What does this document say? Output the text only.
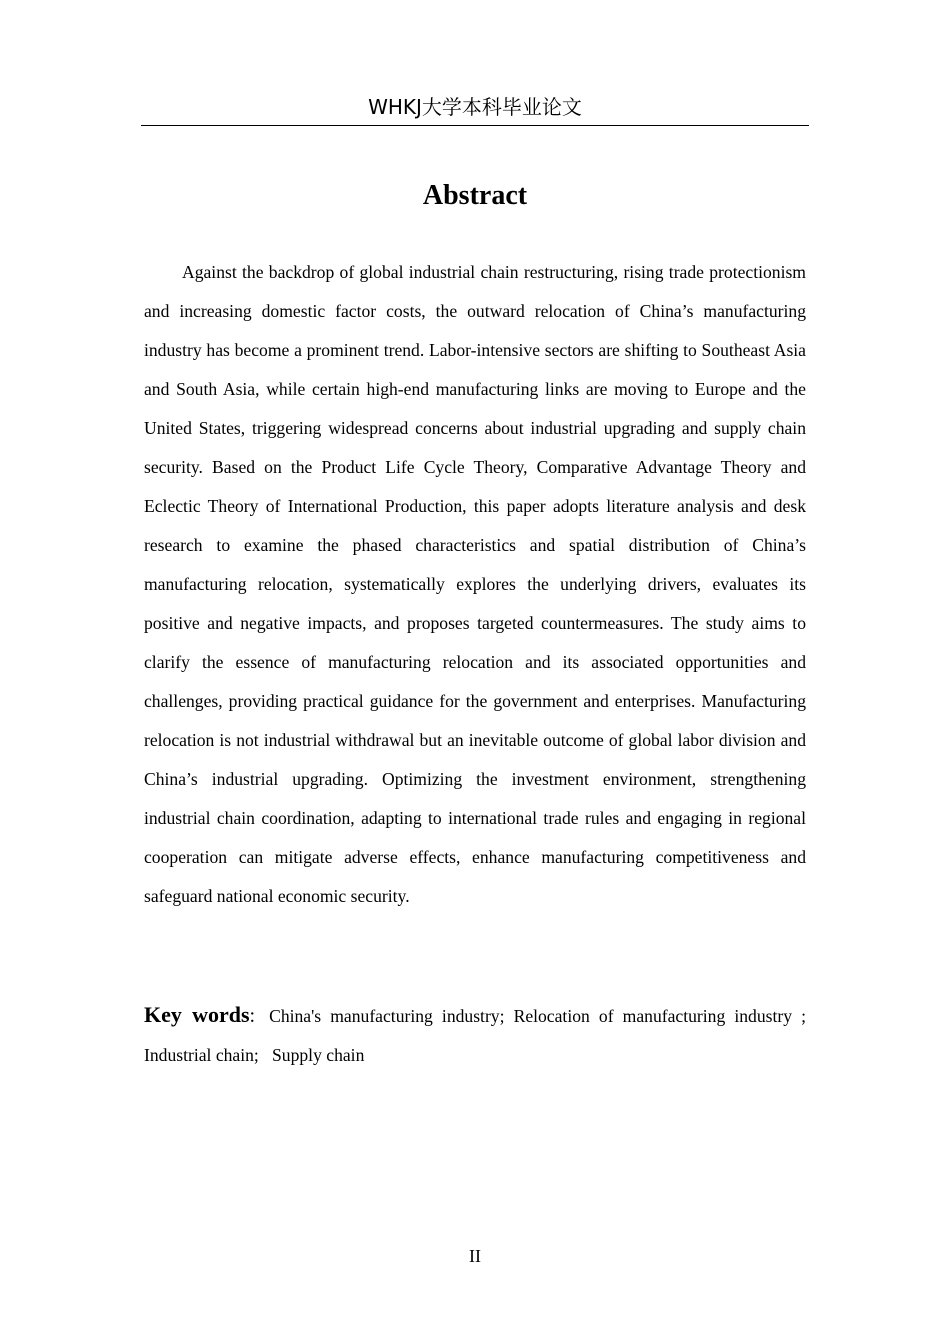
WHKJ大学本科毕业论文
Abstract

Against the backdrop of global industrial chain restructuring, rising trade protectionism and increasing domestic factor costs, the outward relocation of China’s manufacturing industry has become a prominent trend. Labor-intensive sectors are shifting to Southeast Asia and South Asia, while certain high-end manufacturing links are moving to Europe and the United States, triggering widespread concerns about industrial upgrading and supply chain security. Based on the Product Life Cycle Theory, Comparative Advantage Theory and Eclectic Theory of International Production, this paper adopts literature analysis and desk research to examine the phased characteristics and spatial distribution of China’s manufacturing relocation, systematically explores the underlying drivers, evaluates its positive and negative impacts, and proposes targeted countermeasures. The study aims to clarify the essence of manufacturing relocation and its associated opportunities and challenges, providing practical guidance for the government and enterprises. Manufacturing relocation is not industrial withdrawal but an inevitable outcome of global labor division and China’s industrial upgrading. Optimizing the investment environment, strengthening industrial chain coordination, adapting to international trade rules and engaging in regional cooperation can mitigate adverse effects, enhance manufacturing competitiveness and safeguard national economic security.

Key words: China's manufacturing industry; Relocation of manufacturing industry ;   Industrial chain;   Supply chain

II
